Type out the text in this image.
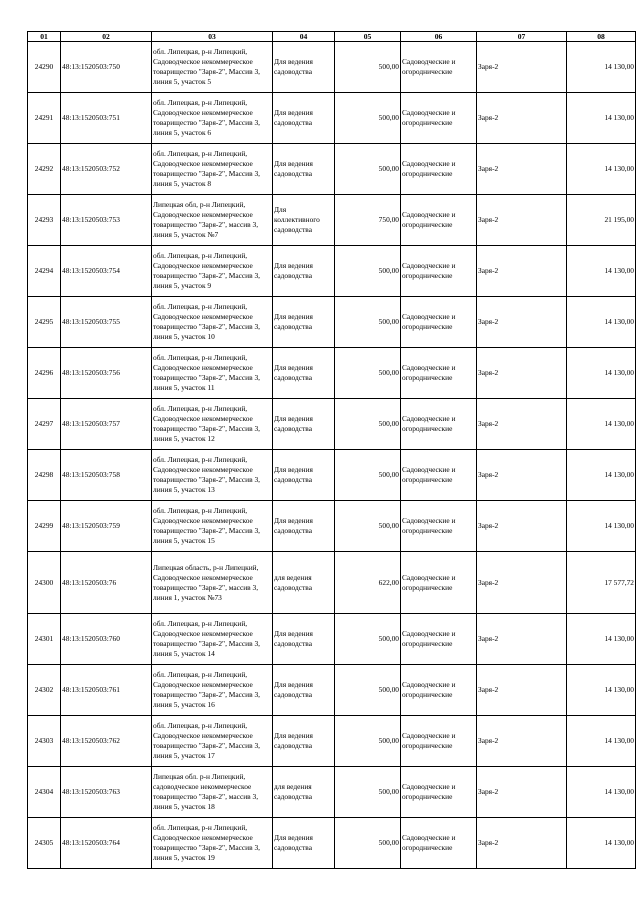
01	02	03	04	05	06	07	08
24290	48:13:1520503:750	обл. Липецкая, р-н Липецкий, Садоводческое некоммерческое товарищество "Заря-2", Массив 3, линия 5, участок 5	Для ведения садоводства	500,00	Садоводческие и огороднические	Заря-2	14 130,00
24291	48:13:1520503:751	обл. Липецкая, р-н Липецкий, Садоводческое некоммерческое товарищество "Заря-2", Массив 3, линия 5, участок 6	Для ведения садоводства	500,00	Садоводческие и огороднические	Заря-2	14 130,00
24292	48:13:1520503:752	обл. Липецкая, р-н Липецкий, Садоводческое некоммерческое товарищество "Заря-2", Массив 3, линия 5, участок 8	Для ведения садоводства	500,00	Садоводческие и огороднические	Заря-2	14 130,00
24293	48:13:1520503:753	Липецкая обл, р-н Липецкий, Садоводческое некоммерческое товарищество "Заря-2", массив 3, линия 5, участок №7	Для коллективного садоводства	750,00	Садоводческие и огороднические	Заря-2	21 195,00
24294	48:13:1520503:754	обл. Липецкая, р-н Липецкий, Садоводческое некоммерческое товарищество "Заря-2", Массив 3, линия 5, участок 9	Для ведения садоводства	500,00	Садоводческие и огороднические	Заря-2	14 130,00
24295	48:13:1520503:755	обл. Липецкая, р-н Липецкий, Садоводческое некоммерческое товарищество "Заря-2", Массив 3, линия 5, участок 10	Для ведения садоводства	500,00	Садоводческие и огороднические	Заря-2	14 130,00
24296	48:13:1520503:756	обл. Липецкая, р-н Липецкий, Садоводческое некоммерческое товарищество "Заря-2", Массив 3, линия 5, участок 11	Для ведения садоводства	500,00	Садоводческие и огороднические	Заря-2	14 130,00
24297	48:13:1520503:757	обл. Липецкая, р-н Липецкий, Садоводческое некоммерческое товарищество "Заря-2", Массив 3, линия 5, участок 12	Для ведения садоводства	500,00	Садоводческие и огороднические	Заря-2	14 130,00
24298	48:13:1520503:758	обл. Липецкая, р-н Липецкий, Садоводческое некоммерческое товарищество "Заря-2", Массив 3, линия 5, участок 13	Для ведения садоводства	500,00	Садоводческие и огороднические	Заря-2	14 130,00
24299	48:13:1520503:759	обл. Липецкая, р-н Липецкий, Садоводческое некоммерческое товарищество "Заря-2", Массив 3, линия 5, участок 15	Для ведения садоводства	500,00	Садоводческие и огороднические	Заря-2	14 130,00
24300	48:13:1520503:76	Липецкая область, р-н Липецкий, Садоводческое некоммерческое товарищество "Заря-2", массив 3, линия 1, участок №73	для ведения садоводства	622,00	Садоводческие и огороднические	Заря-2	17 577,72
24301	48:13:1520503:760	обл. Липецкая, р-н Липецкий, Садоводческое некоммерческое товарищество "Заря-2", Массив 3, линия 5, участок 14	Для ведения садоводства	500,00	Садоводческие и огороднические	Заря-2	14 130,00
24302	48:13:1520503:761	обл. Липецкая, р-н Липецкий, Садоводческое некоммерческое товарищество "Заря-2", Массив 3, линия 5, участок 16	Для ведения садоводства	500,00	Садоводческие и огороднические	Заря-2	14 130,00
24303	48:13:1520503:762	обл. Липецкая, р-н Липецкий, Садоводческое некоммерческое товарищество "Заря-2", Массив 3, линия 5, участок 17	Для ведения садоводства	500,00	Садоводческие и огороднические	Заря-2	14 130,00
24304	48:13:1520503:763	Липецкая обл. р-н Липецкий, садоводческое некоммерческое товарищество "Заря-2", массив 3, линия 5, участок 18	для ведения садоводства	500,00	Садоводческие и огороднические	Заря-2	14 130,00
24305	48:13:1520503:764	обл. Липецкая, р-н Липецкий, Садоводческое некоммерческое товарищество "Заря-2", Массив 3, линия 5, участок 19	Для ведения садоводства	500,00	Садоводческие и огороднические	Заря-2	14 130,00
